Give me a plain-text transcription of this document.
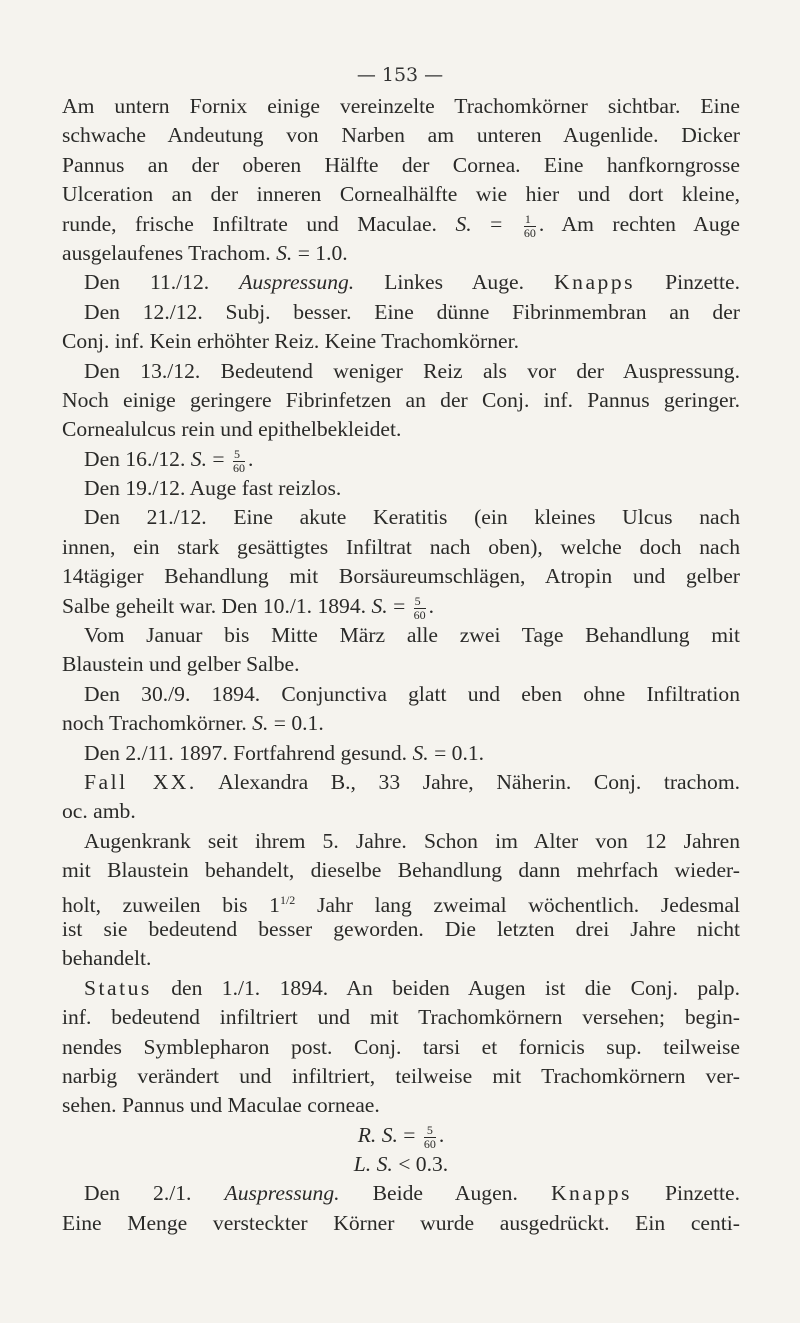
— 153 —
Am untern Fornix einige vereinzelte Trachomkörner sichtbar. Eine
schwache Andeutung von Narben am unteren Augenlide. Dicker
Pannus an der oberen Hälfte der Cornea. Eine hanfkorngrosse
Ulceration an der inneren Cornealhälfte wie hier und dort kleine,
runde, frische Infiltrate und Maculae. S. = $\frac{1}{60}$ . Am rechten Auge
ausgelaufenes Trachom. S. = 1.0.
Den 11./12. Auspressung. Linkes Auge. Knapps Pinzette.
Den 12./12. Subj. besser. Eine dünne Fibrinmembran an der
Conj. inf. Kein erhöhter Reiz. Keine Trachomkörner.
Den 13./12. Bedeutend weniger Reiz als vor der Auspressung.
Noch einige geringere Fibrinfetzen an der Conj. inf. Pannus geringer.
Cornealulcus rein und epithelbekleidet.
Den 16./12. S. = $\frac{5}{60}$ .
Den 19./12. Auge fast reizlos.
Den 21./12. Eine akute Keratitis (ein kleines Ulcus nach
innen, ein stark gesättigtes Infiltrat nach oben), welche doch nach
14tägiger Behandlung mit Borsäureumschlägen, Atropin und gelber
Salbe geheilt war. Den 10./1. 1894. S. = $\frac{5}{60}$ .
Vom Januar bis Mitte März alle zwei Tage Behandlung mit
Blaustein und gelber Salbe.
Den 30./9. 1894. Conjunctiva glatt und eben ohne Infiltration
noch Trachomkörner. S. = 0.1.
Den 2./11. 1897. Fortfahrend gesund. S. = 0.1.
Fall XX. Alexandra B., 33 Jahre, Näherin. Conj. trachom.
oc. amb.
Augenkrank seit ihrem 5. Jahre. Schon im Alter von 12 Jahren
mit Blaustein behandelt, dieselbe Behandlung dann mehrfach wieder-
holt, zuweilen bis $1^{1/2}$ Jahr lang zweimal wöchentlich. Jedesmal
ist sie bedeutend besser geworden. Die letzten drei Jahre nicht
behandelt.
Status den 1./1. 1894. An beiden Augen ist die Conj. palp.
inf. bedeutend infiltriert und mit Trachomkörnern versehen; begin-
nendes Symblepharon post. Conj. tarsi et fornicis sup. teilweise
narbig verändert und infiltriert, teilweise mit Trachomkörnern ver-
sehen. Pannus und Maculae corneae.
R. S. = $\frac{5}{60}$ .
L. S. < 0.3.
Den 2./1. Auspressung. Beide Augen. Knapps Pinzette.
Eine Menge versteckter Körner wurde ausgedrückt. Ein centi-
